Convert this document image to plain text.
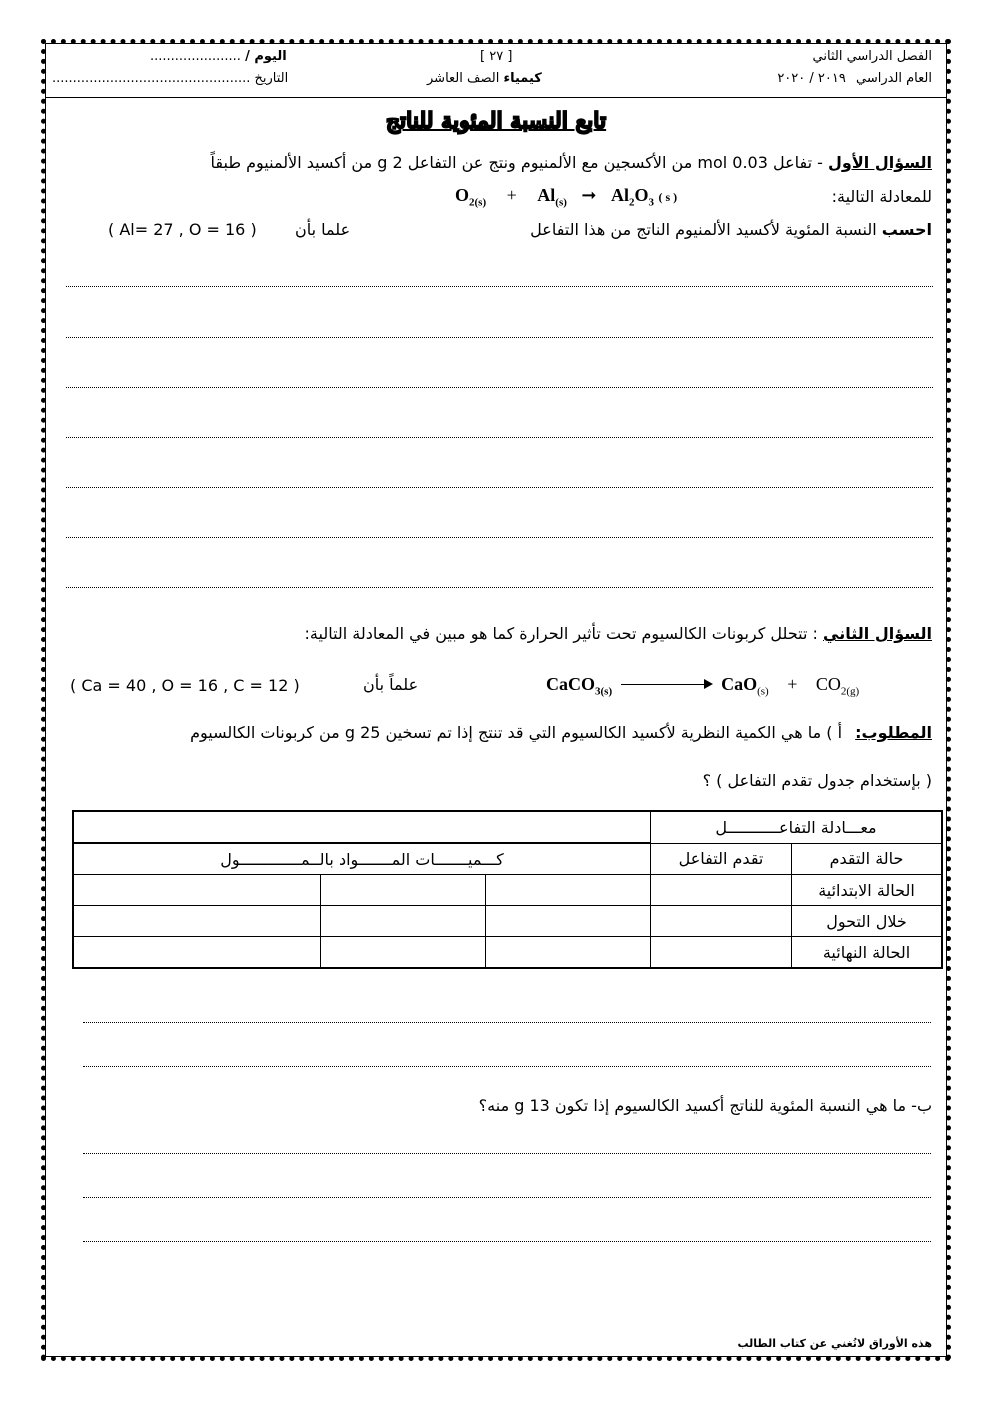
الفصل الدراسي الثاني
العام الدراسي ٢٠١٩ / ٢٠٢٠
[ ٢٧ ]
كيمياء الصف العاشر
اليوم / ......................
التاريخ ................................................
تابع النسبة المئوية للناتج
السؤال الأول - تفاعل 0.03 mol من الأكسجين مع الألمنيوم ونتج عن التفاعل 2 g من أكسيد الألمنيوم طبقاً
للمعادلة التالية:
$O_{2(s)} + Al_{(s)}$ ➞ $Al_2O_3$ ( s )
احسب النسبة المئوية لأكسيد الألمنيوم الناتج من هذا التفاعل
علما بأن
( Al= 27 , O = 16 )
السؤال الثاني : تتحلل كربونات الكالسيوم تحت تأثير الحرارة كما هو مبين في المعادلة التالية:
CaCO$_{3(s)}$	$CaO_{(s)} + CO_{2(g)}$
علماً بأن
( Ca = 40 , O = 16 , C = 12 )
المطلوب: أ ) ما هي الكمية النظرية لأكسيد الكالسيوم التي قد تنتج إذا تم تسخين 25 g من كربونات الكالسيوم
( بإستخدام جدول تقدم التفاعل ) ؟
معـــادلة التفاعـــــــــــل				
حالة التقدم	تقدم التفاعل	كـــميـــــــات المـــــــواد بالــمـــــــــــــول		
الحالة الابتدائية				
خلال التحول				
الحالة النهائية				
ب- ما هي النسبة المئوية للناتج أكسيد الكالسيوم إذا تكون 13 g منه؟
هذه الأوراق لاتُغني عن كتاب الطالب
